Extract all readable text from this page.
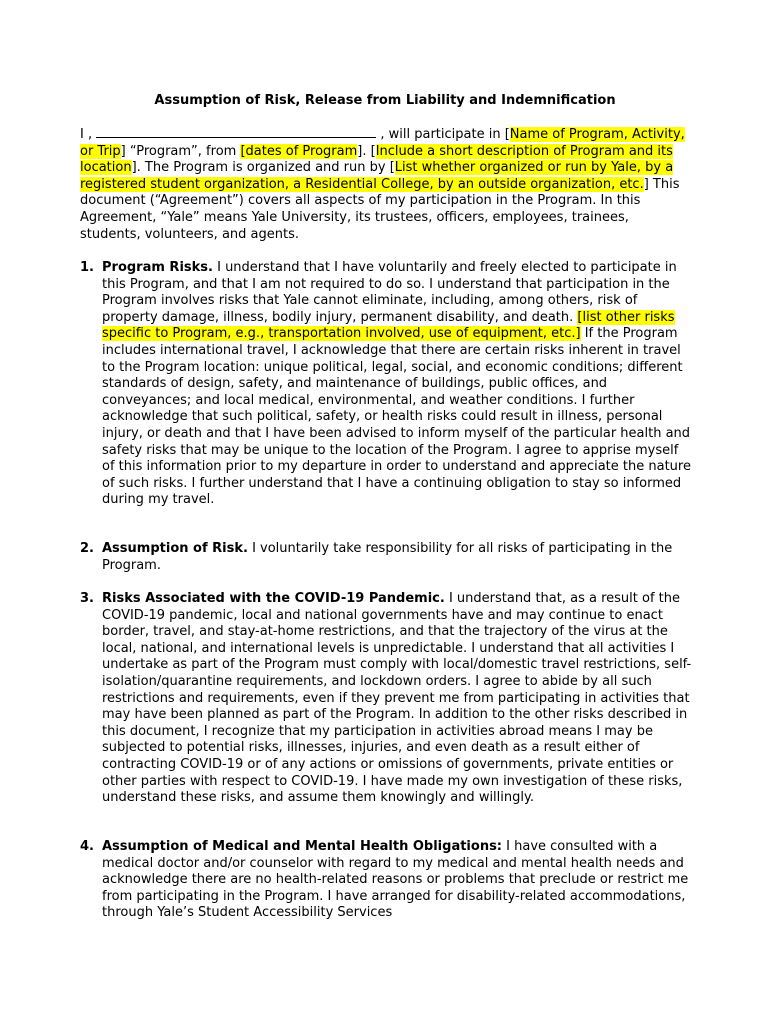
Assumption of Risk, Release from Liability and Indemnification
I ,	, will participate in [Name of Program, Activity, or Trip] “Program”, from [dates of Program]. [Include a short description of Program and its location]. The Program is organized and run by [List whether organized or run by Yale, by a registered student organization, a Residential College, by an outside organization, etc.] This document (“Agreement”) covers all aspects of my participation in the Program. In this Agreement, “Yale” means Yale University, its trustees, officers, employees, trainees, students, volunteers, and agents.
1. Program Risks. I understand that I have voluntarily and freely elected to participate in this Program, and that I am not required to do so. I understand that participation in the Program involves risks that Yale cannot eliminate, including, among others, risk of property damage, illness, bodily injury, permanent disability, and death. [list other risks specific to Program, e.g., transportation involved, use of equipment, etc.] If the Program includes international travel, I acknowledge that there are certain risks inherent in travel to the Program location: unique political, legal, social, and economic conditions; different standards of design, safety, and maintenance of buildings, public offices, and conveyances; and local medical, environmental, and weather conditions. I further acknowledge that such political, safety, or health risks could result in illness, personal injury, or death and that I have been advised to inform myself of the particular health and safety risks that may be unique to the location of the Program. I agree to apprise myself of this information prior to my departure in order to understand and appreciate the nature of such risks. I further understand that I have a continuing obligation to stay so informed during my travel.
2. Assumption of Risk. I voluntarily take responsibility for all risks of participating in the Program.
3. Risks Associated with the COVID-19 Pandemic. I understand that, as a result of the COVID-19 pandemic, local and national governments have and may continue to enact border, travel, and stay-at-home restrictions, and that the trajectory of the virus at the local, national, and international levels is unpredictable. I understand that all activities I undertake as part of the Program must comply with local/domestic travel restrictions, self-isolation/quarantine requirements, and lockdown orders. I agree to abide by all such restrictions and requirements, even if they prevent me from participating in activities that may have been planned as part of the Program. In addition to the other risks described in this document, I recognize that my participation in activities abroad means I may be subjected to potential risks, illnesses, injuries, and even death as a result either of contracting COVID-19 or of any actions or omissions of governments, private entities or other parties with respect to COVID-19. I have made my own investigation of these risks, understand these risks, and assume them knowingly and willingly.
4. Assumption of Medical and Mental Health Obligations: I have consulted with a medical doctor and/or counselor with regard to my medical and mental health needs and acknowledge there are no health-related reasons or problems that preclude or restrict me from participating in the Program. I have arranged for disability-related accommodations, through Yale’s Student Accessibility Services
